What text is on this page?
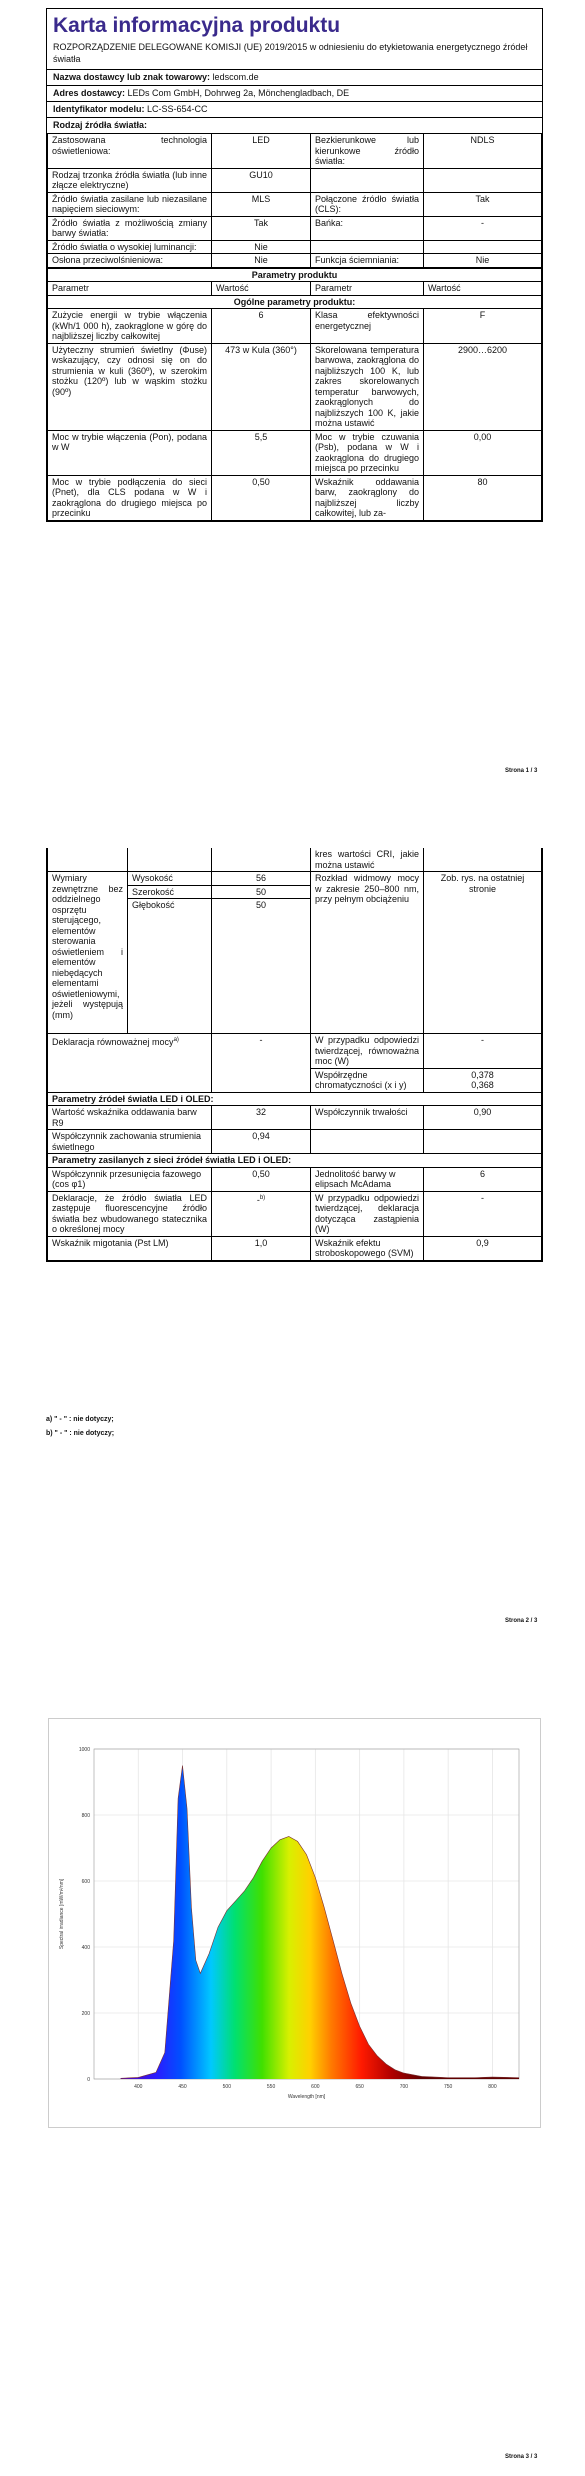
Karta informacyjna produktu
ROZPORZĄDZENIE DELEGOWANE KOMISJI (UE) 2019/2015 w odniesieniu do etykietowania energetycznego źródeł światła
Nazwa dostawcy lub znak towarowy: ledscom.de
Adres dostawcy: LEDs Com GmbH, Dohrweg 2a, Mönchengladbach, DE
Identyfikator modelu: LC-SS-654-CC
Rodzaj źródła światła:
Zastosowana technologia oświetleniowa:	LED	Bezkierunkowe lub kierunkowe źródło światła:	NDLS
Rodzaj trzonka źródła światła (lub inne złącze elektryczne)	GU10		
Źródło światła zasilane lub niezasilane napięciem sieciowym:	MLS	Połączone źródło światła (CLS):	Tak
Źródło światła z możliwością zmiany barwy światła:	Tak	Bańka:	-
Źródło światła o wysokiej luminancji:	Nie		
Osłona przeciwolśnieniowa:	Nie	Funkcja ściemniania:	Nie
Parametry produktu			
Parametr	Wartość	Parametr	Wartość
Ogólne parametry produktu:			
Zużycie energii w trybie włączenia (kWh/1 000 h), zaokrąglone w górę do najbliższej liczby całkowitej	6	Klasa efektywności energetycznej	F
Użyteczny strumień świetlny (Φuse) wskazujący, czy odnosi się on do strumienia w kuli (360º), w szerokim stożku (120º) lub w wąskim stożku (90º)	473 w Kula (360°)	Skorelowana temperatura barwowa, zaokrąglona do najbliższych 100 K, lub zakres skorelowanych temperatur barwowych, zaokrąglonych do najbliższych 100 K, jakie można ustawić	2900…6200
Moc w trybie włączenia (Pon), podana w W	5,5	Moc w trybie czuwania (Psb), podana w W i zaokrąglona do drugiego miejsca po przecinku	0,00
Moc w trybie podłączenia do sieci (Pnet), dla CLS podana w W i zaokrąglona do drugiego miejsca po przecinku	0,50	Wskaźnik oddawania barw, zaokrąglony do najbliższej liczby całkowitej, lub za-	80
Strona 1 / 3
			kres wartości CRI, jakie można ustawić	
Wymiary zewnętrzne bez oddzielnego osprzętu sterującego, elementów sterowania oświetleniem i elementów niebędących elementami oświetleniowymi, jeżeli występują (mm)	Wysokość	56	Rozkład widmowy mocy w zakresie 250–800 nm, przy pełnym obciążeniu	Zob. rys. na ostatniej stronie
	Szerokość	50		
	Głębokość	50		
Deklaracja równoważnej mocy$^{a)}$		-	W przypadku odpowiedzi twierdzącej, równoważna moc (W)	-
			Współrzędne chromatyczności (x i y)	0,378
0,368

Parametry źródeł światła LED i OLED:				
Wartość wskaźnika oddawania barw R9		32	Współczynnik trwałości	0,90
Współczynnik zachowania strumienia świetlnego		0,94		
Parametry zasilanych z sieci źródeł światła LED i OLED:				
Współczynnik przesunięcia fazowego (cos φ1)		0,50	Jednolitość barwy w elipsach McAdama	6
Deklaracje, że źródło światła LED zastępuje fluorescencyjne źródło światła bez wbudowanego statecznika o określonej mocy		-$^{b)}$	W przypadku odpowiedzi twierdzącej, deklaracja dotycząca zastąpienia (W)	-
Wskaźnik migotania (Pst LM)		1,0	Wskaźnik efektu stroboskopowego (SVM)	0,9
a) " - " : nie dotyczy;
b) " - " : nie dotyczy;
Strona 2 / 3
0
200
400
600
800
1000
400	450	500	550	600	650	700	750	800
Wavelength [nm]
Spectral irradiance [mW/m²/nm]
Strona 3 / 3
